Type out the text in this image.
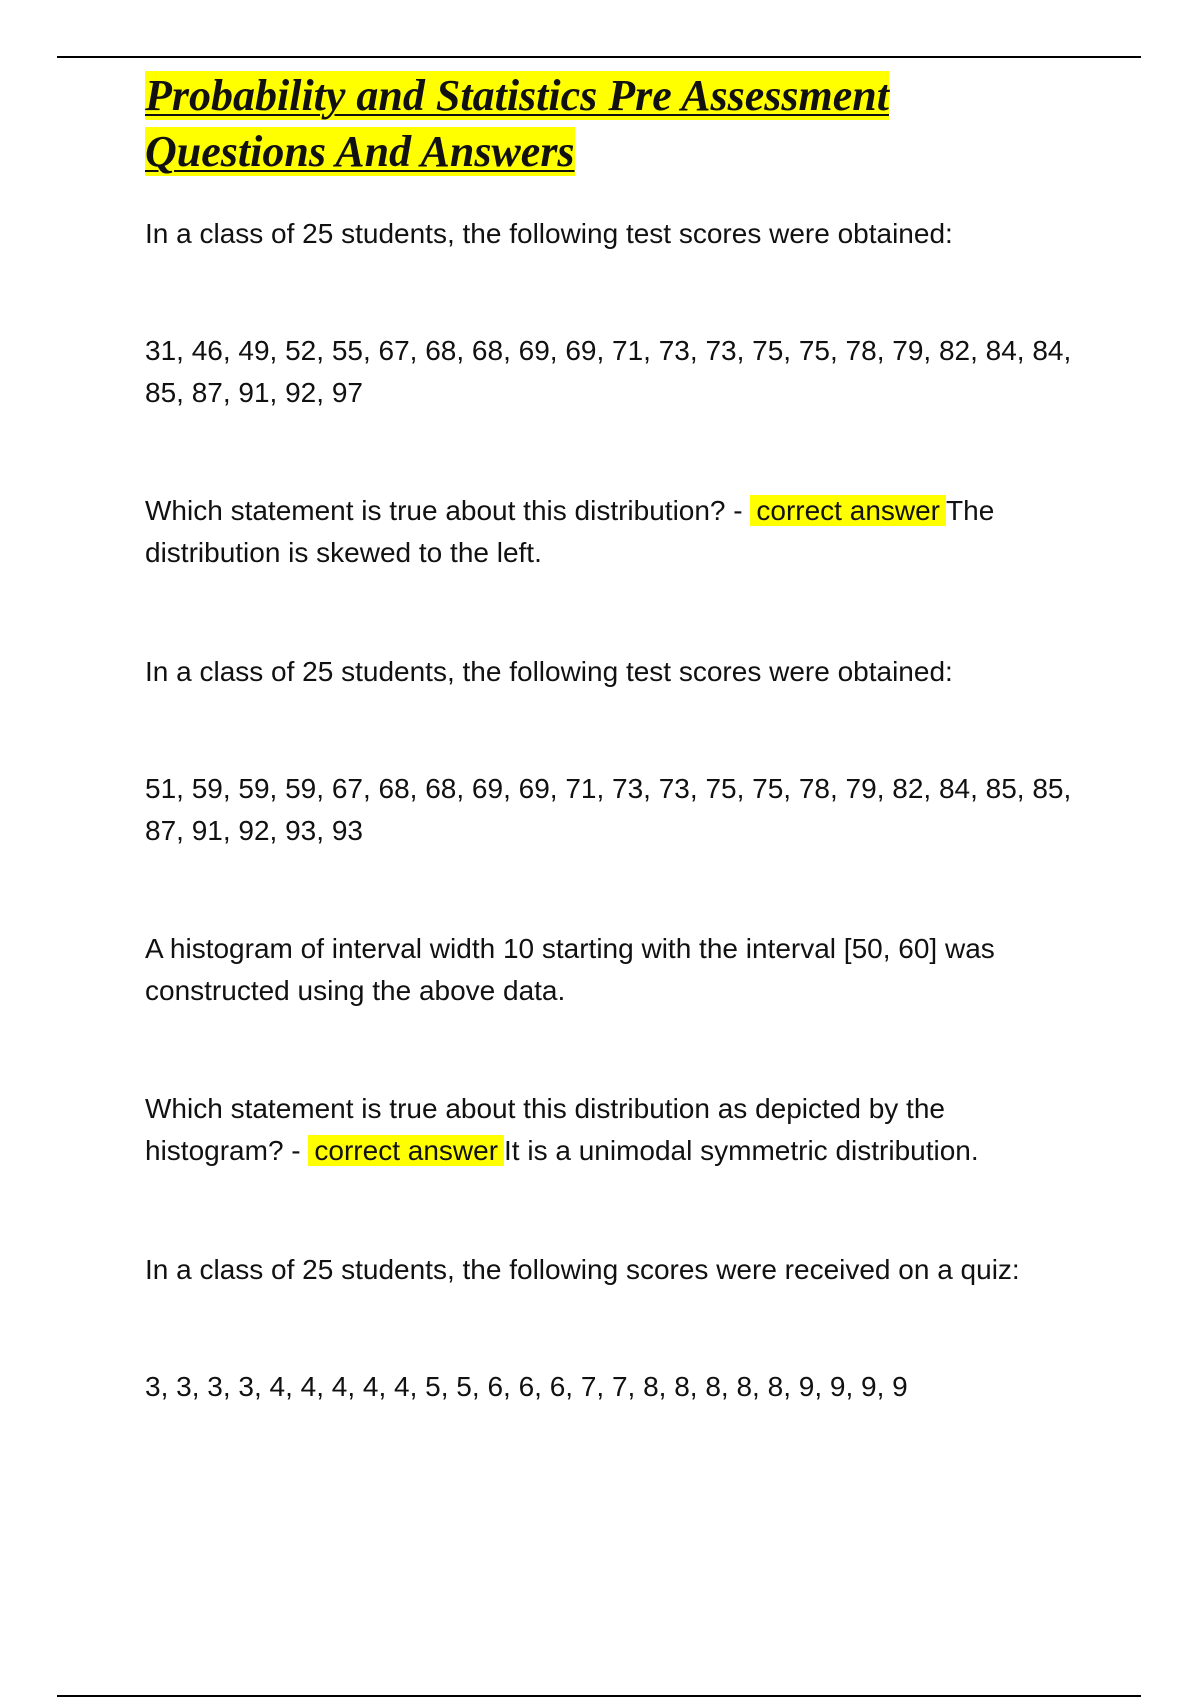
Probability and Statistics Pre Assessment
Questions And Answers

In a class of 25 students, the following test scores were obtained:

31, 46, 49, 52, 55, 67, 68, 68, 69, 69, 71, 73, 73, 75, 75, 78, 79, 82, 84, 84, 85, 87, 91, 92, 97

Which statement is true about this distribution? - correct answer The distribution is skewed to the left.

In a class of 25 students, the following test scores were obtained:

51, 59, 59, 59, 67, 68, 68, 69, 69, 71, 73, 73, 75, 75, 78, 79, 82, 84, 85, 85, 87, 91, 92, 93, 93

A histogram of interval width 10 starting with the interval [50, 60] was constructed using the above data.

Which statement is true about this distribution as depicted by the histogram? - correct answer It is a unimodal symmetric distribution.

In a class of 25 students, the following scores were received on a quiz:

3, 3, 3, 3, 4, 4, 4, 4, 4, 5, 5, 6, 6, 6, 7, 7, 8, 8, 8, 8, 8, 9, 9, 9, 9
